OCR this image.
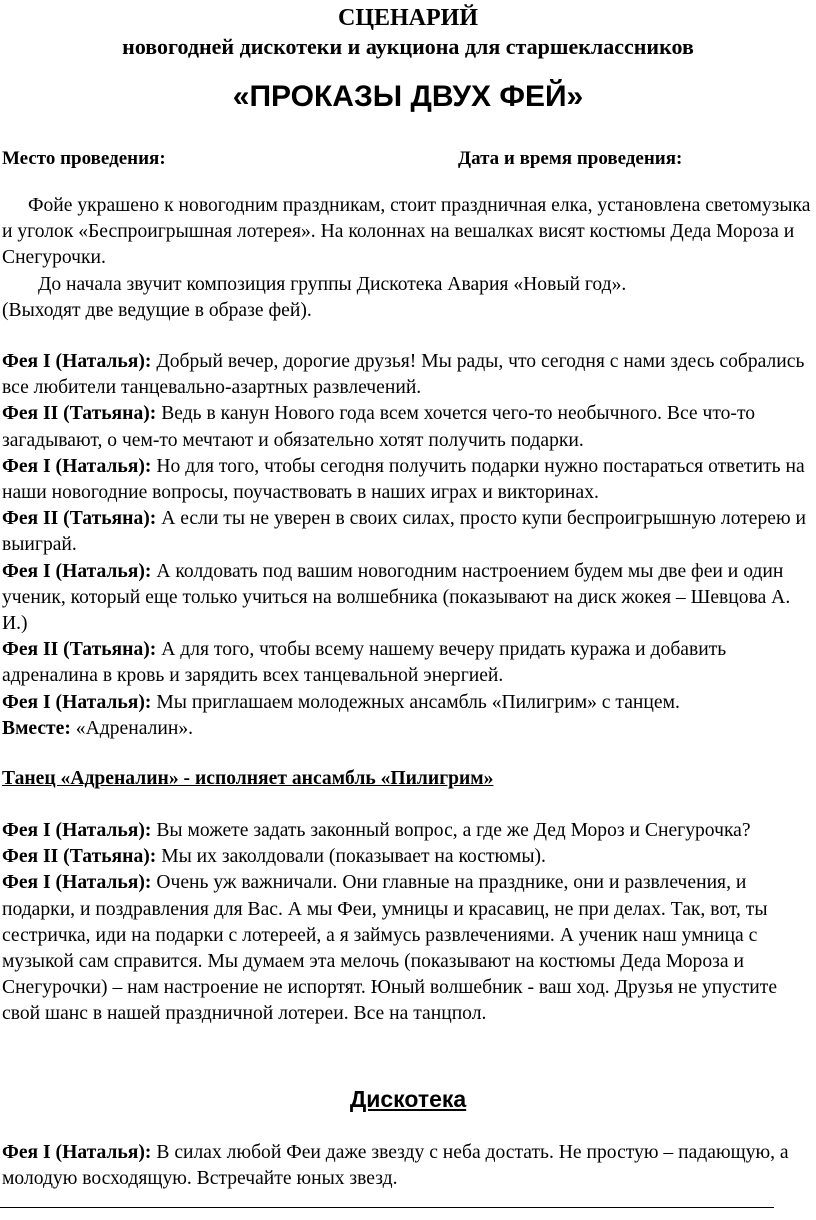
СЦЕНАРИЙ
новогодней дискотеки и аукциона для старшеклассников
«ПРОКАЗЫ ДВУХ ФЕЙ»
Место проведения:	Дата и время проведения:

Фойе украшено к новогодним праздникам, стоит праздничная елка, установлена светомузыка и уголок «Беспроигрышная лотерея». На колоннах на вешалках висят костюмы Деда Мороза и Снегурочки.

До начала звучит композиция группы Дискотека Авария «Новый год».

(Выходят две ведущие в образе фей).

Фея I (Наталья): Добрый вечер, дорогие друзья! Мы рады, что сегодня с нами здесь собрались все любители танцевально-азартных развлечений.

Фея II (Татьяна): Ведь в канун Нового года всем хочется чего-то необычного. Все что-то загадывают, о чем-то мечтают и обязательно хотят получить подарки.

Фея I (Наталья): Но для того, чтобы сегодня получить подарки нужно постараться ответить на наши новогодние вопросы, поучаствовать в наших играх и викторинах.

Фея II (Татьяна): А если ты не уверен в своих силах, просто купи беспроигрышную лотерею и выиграй.

Фея I (Наталья): А колдовать под вашим новогодним настроением будем мы две феи и один ученик, который еще только учиться на волшебника (показывают на диск жокея – Шевцова А. И.)

Фея II (Татьяна): А для того, чтобы всему нашему вечеру придать куража и добавить адреналина в кровь и зарядить всех танцевальной энергией.

Фея I (Наталья): Мы приглашаем молодежных ансамбль «Пилигрим» с танцем.

Вместе: «Адреналин».

Танец «Адреналин» - исполняет ансамбль «Пилигрим»

Фея I (Наталья): Вы можете задать законный вопрос, а где же Дед Мороз и Снегурочка?

Фея II (Татьяна): Мы их заколдовали (показывает на костюмы).

Фея I (Наталья): Очень уж важничали. Они главные на празднике, они и развлечения, и подарки, и поздравления для Вас. А мы Феи, умницы и красавиц, не при делах. Так, вот, ты сестричка, иди на подарки с лотереей, а я займусь развлечениями. А ученик наш умница с музыкой сам справится. Мы думаем эта мелочь (показывают на костюмы Деда Мороза и Снегурочки) – нам настроение не испортят. Юный волшебник - ваш ход. Друзья не упустите свой шанс в нашей праздничной лотереи. Все на танцпол.

Дискотека

Фея I (Наталья): В силах любой Феи даже звезду с неба достать. Не простую – падающую, а молодую восходящую. Встречайте юных звезд.
